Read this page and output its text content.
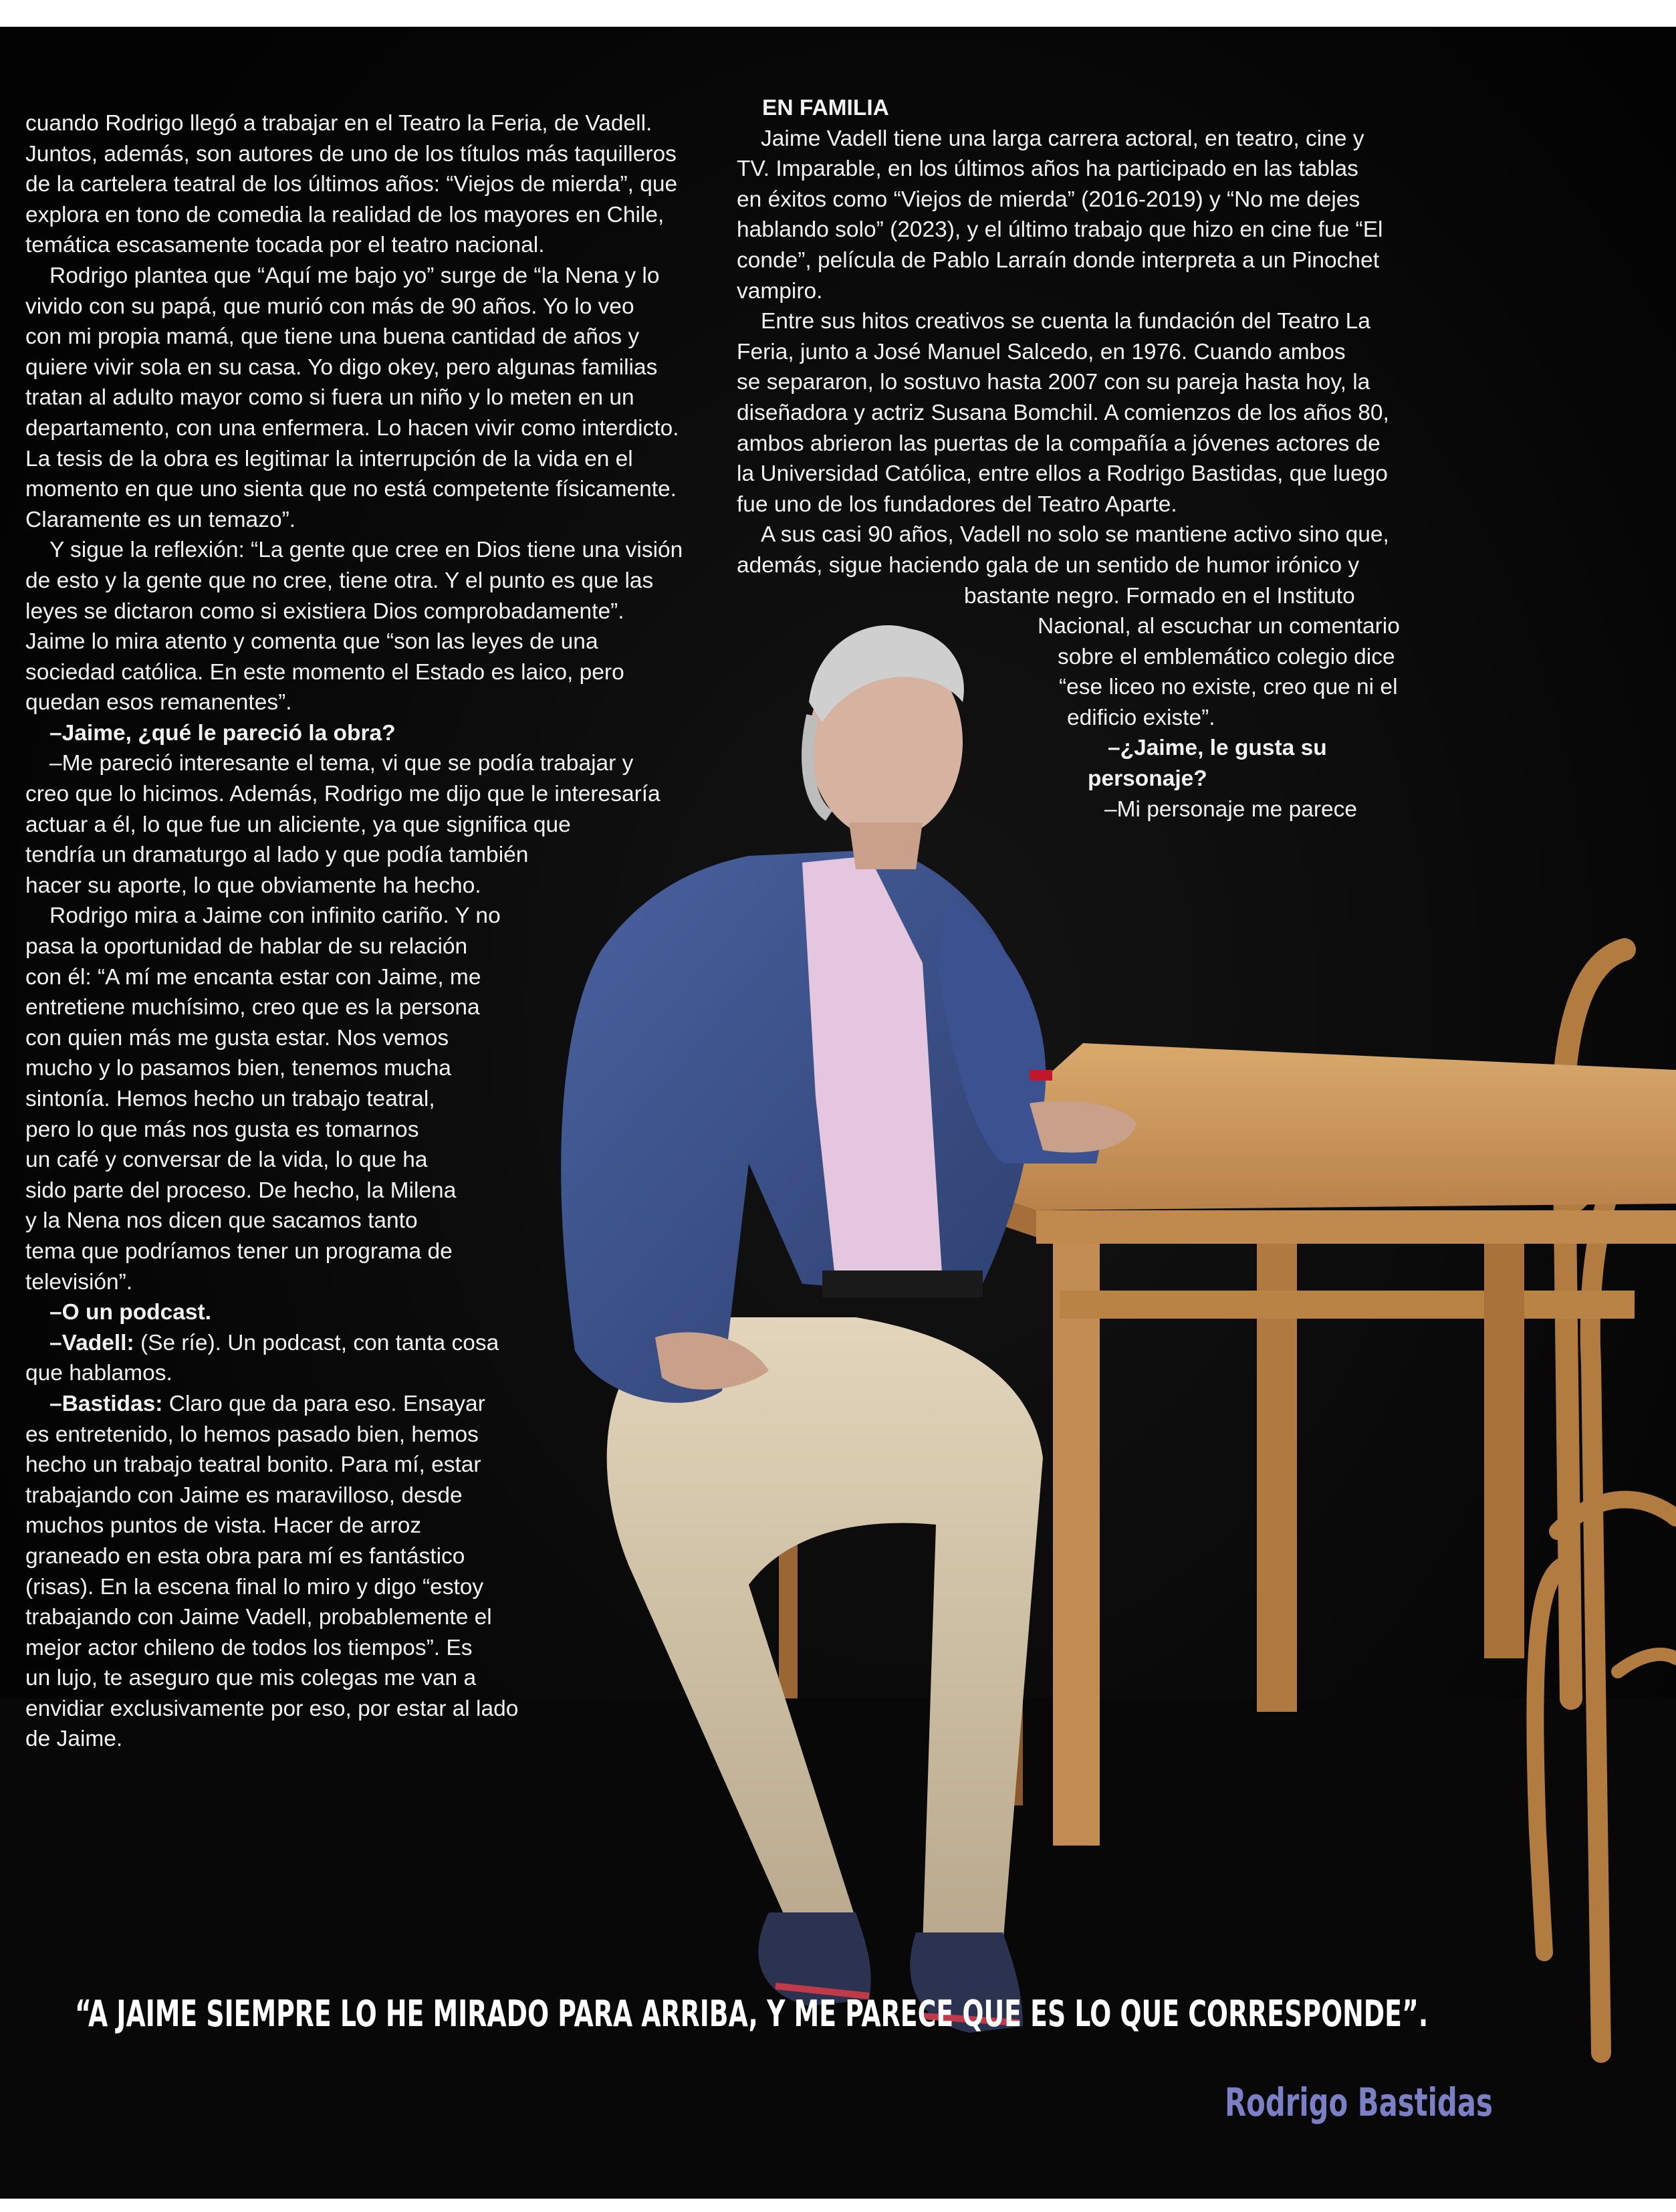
cuando Rodrigo llegó a trabajar en el Teatro la Feria, de Vadell.
Juntos, además, son autores de uno de los títulos más taquilleros
de la cartelera teatral de los últimos años: “Viejos de mierda”, que
explora en tono de comedia la realidad de los mayores en Chile,
temática escasamente tocada por el teatro nacional.
Rodrigo plantea que “Aquí me bajo yo” surge de “la Nena y lo
vivido con su papá, que murió con más de 90 años. Yo lo veo
con mi propia mamá, que tiene una buena cantidad de años y
quiere vivir sola en su casa. Yo digo okey, pero algunas familias
tratan al adulto mayor como si fuera un niño y lo meten en un
departamento, con una enfermera. Lo hacen vivir como interdicto.
La tesis de la obra es legitimar la interrupción de la vida en el
momento en que uno sienta que no está competente físicamente.
Claramente es un temazo”.
Y sigue la reflexión: “La gente que cree en Dios tiene una visión
de esto y la gente que no cree, tiene otra. Y el punto es que las
leyes se dictaron como si existiera Dios comprobadamente”.
Jaime lo mira atento y comenta que “son las leyes de una
sociedad católica. En este momento el Estado es laico, pero
quedan esos remanentes”.
–Jaime, ¿qué le pareció la obra?
–Me pareció interesante el tema, vi que se podía trabajar y
creo que lo hicimos. Además, Rodrigo me dijo que le interesaría
actuar a él, lo que fue un aliciente, ya que significa que
tendría un dramaturgo al lado y que podía también
hacer su aporte, lo que obviamente ha hecho.
Rodrigo mira a Jaime con infinito cariño. Y no
pasa la oportunidad de hablar de su relación
con él: “A mí me encanta estar con Jaime, me
entretiene muchísimo, creo que es la persona
con quien más me gusta estar. Nos vemos
mucho y lo pasamos bien, tenemos mucha
sintonía. Hemos hecho un trabajo teatral,
pero lo que más nos gusta es tomarnos
un café y conversar de la vida, lo que ha
sido parte del proceso. De hecho, la Milena
y la Nena nos dicen que sacamos tanto
tema que podríamos tener un programa de
televisión”.
–O un podcast.
–Vadell: (Se ríe). Un podcast, con tanta cosa
que hablamos.
–Bastidas: Claro que da para eso. Ensayar
es entretenido, lo hemos pasado bien, hemos
hecho un trabajo teatral bonito. Para mí, estar
trabajando con Jaime es maravilloso, desde
muchos puntos de vista. Hacer de arroz
graneado en esta obra para mí es fantástico
(risas). En la escena final lo miro y digo “estoy
trabajando con Jaime Vadell, probablemente el
mejor actor chileno de todos los tiempos”. Es
un lujo, te aseguro que mis colegas me van a
envidiar exclusivamente por eso, por estar al lado
de Jaime.
EN FAMILIA
Jaime Vadell tiene una larga carrera actoral, en teatro, cine y
TV. Imparable, en los últimos años ha participado en las tablas
en éxitos como “Viejos de mierda” (2016-2019) y “No me dejes
hablando solo” (2023), y el último trabajo que hizo en cine fue “El
conde”, película de Pablo Larraín donde interpreta a un Pinochet
vampiro.
Entre sus hitos creativos se cuenta la fundación del Teatro La
Feria, junto a José Manuel Salcedo, en 1976. Cuando ambos
se separaron, lo sostuvo hasta 2007 con su pareja hasta hoy, la
diseñadora y actriz Susana Bomchil. A comienzos de los años 80,
ambos abrieron las puertas de la compañía a jóvenes actores de
la Universidad Católica, entre ellos a Rodrigo Bastidas, que luego
fue uno de los fundadores del Teatro Aparte.
A sus casi 90 años, Vadell no solo se mantiene activo sino que,
además, sigue haciendo gala de un sentido de humor irónico y
bastante negro. Formado en el Instituto
Nacional, al escuchar un comentario
sobre el emblemático colegio dice
“ese liceo no existe, creo que ni el
edificio existe”.
–¿Jaime, le gusta su
personaje?
–Mi personaje me parece
“A JAIME SIEMPRE LO HE MIRADO PARA ARRIBA, Y ME PARECE QUE ES LO QUE CORRESPONDE”.
Rodrigo Bastidas
